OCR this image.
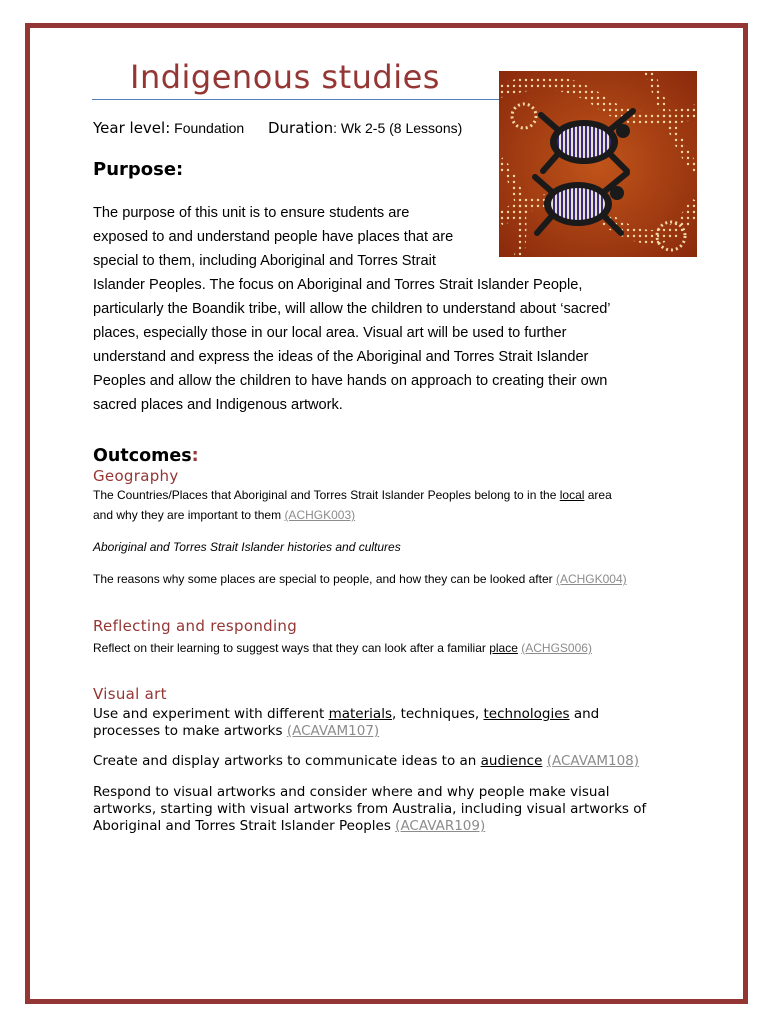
Indigenous studies
Year level: Foundation Duration: Wk 2-5 (8 Lessons)
Purpose:

The purpose of this unit is to ensure students are
exposed to and understand people have places that are
special to them, including Aboriginal and Torres Strait
Islander Peoples. The focus on Aboriginal and Torres Strait Islander People,
particularly the Boandik tribe, will allow the children to understand about ‘sacred’
places, especially those in our local area. Visual art will be used to further
understand and express the ideas of the Aboriginal and Torres Strait Islander
Peoples and allow the children to have hands on approach to creating their own
sacred places and Indigenous artwork.

Outcomes:
Geography

The Countries/Places that Aboriginal and Torres Strait Islander Peoples belong to in the local area
and why they are important to them (ACHGK003)

Aboriginal and Torres Strait Islander histories and cultures

The reasons why some places are special to people, and how they can be looked after (ACHGK004)

Reflecting and responding

Reflect on their learning to suggest ways that they can look after a familiar place (ACHGS006)

Visual art

Use and experiment with different materials, techniques, technologies and
processes to make artworks (ACAVAM107)

Create and display artworks to communicate ideas to an audience (ACAVAM108)

Respond to visual artworks and consider where and why people make visual
artworks, starting with visual artworks from Australia, including visual artworks of
Aboriginal and Torres Strait Islander Peoples (ACAVAR109)
